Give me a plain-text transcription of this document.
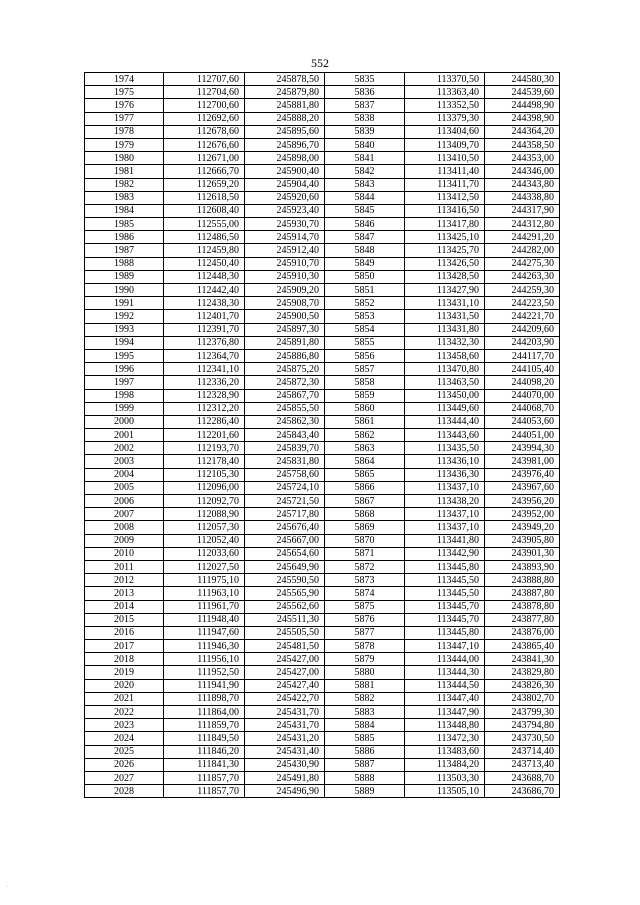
552
1974	112707,60	245878,50	5835	113370,50	244580,30
1975	112704,60	245879,80	5836	113363,40	244539,60
1976	112700,60	245881,80	5837	113352,50	244498,90
1977	112692,60	245888,20	5838	113379,30	244398,90
1978	112678,60	245895,60	5839	113404,60	244364,20
1979	112676,60	245896,70	5840	113409,70	244358,50
1980	112671,00	245898,00	5841	113410,50	244353,00
1981	112666,70	245900,40	5842	113411,40	244346,00
1982	112659,20	245904,40	5843	113411,70	244343,80
1983	112618,50	245920,60	5844	113412,50	244338,80
1984	112608,40	245923,40	5845	113416,50	244317,90
1985	112555,00	245930,70	5846	113417,80	244312,80
1986	112486,50	245914,70	5847	113425,10	244291,20
1987	112459,80	245912,40	5848	113425,70	244282,00
1988	112450,40	245910,70	5849	113426,50	244275,30
1989	112448,30	245910,30	5850	113428,50	244263,30
1990	112442,40	245909,20	5851	113427,90	244259,30
1991	112438,30	245908,70	5852	113431,10	244223,50
1992	112401,70	245900,50	5853	113431,50	244221,70
1993	112391,70	245897,30	5854	113431,80	244209,60
1994	112376,80	245891,80	5855	113432,30	244203,90
1995	112364,70	245886,80	5856	113458,60	244117,70
1996	112341,10	245875,20	5857	113470,80	244105,40
1997	112336,20	245872,30	5858	113463,50	244098,20
1998	112328,90	245867,70	5859	113450,00	244070,00
1999	112312,20	245855,50	5860	113449,60	244068,70
2000	112286,40	245862,30	5861	113444,40	244053,60
2001	112201,60	245843,40	5862	113443,60	244051,00
2002	112193,70	245839,70	5863	113435,50	243994,30
2003	112178,40	245831,80	5864	113436,10	243981,00
2004	112105,30	245758,60	5865	113436,30	243976,40
2005	112096,00	245724,10	5866	113437,10	243967,60
2006	112092,70	245721,50	5867	113438,20	243956,20
2007	112088,90	245717,80	5868	113437,10	243952,00
2008	112057,30	245676,40	5869	113437,10	243949,20
2009	112052,40	245667,00	5870	113441,80	243905,80
2010	112033,60	245654,60	5871	113442,90	243901,30
2011	112027,50	245649,90	5872	113445,80	243893,90
2012	111975,10	245590,50	5873	113445,50	243888,80
2013	111963,10	245565,90	5874	113445,50	243887,80
2014	111961,70	245562,60	5875	113445,70	243878,80
2015	111948,40	245511,30	5876	113445,70	243877,80
2016	111947,60	245505,50	5877	113445,80	243876,00
2017	111946,30	245481,50	5878	113447,10	243865,40
2018	111956,10	245427,00	5879	113444,00	243841,30
2019	111952,50	245427,00	5880	113444,30	243829,80
2020	111941,90	245427,40	5881	113444,50	243826,30
2021	111898,70	245422,70	5882	113447,40	243802,70
2022	111864,00	245431,70	5883	113447,90	243799,30
2023	111859,70	245431,70	5884	113448,80	243794,80
2024	111849,50	245431,20	5885	113472,30	243730,50
2025	111846,20	245431,40	5886	113483,60	243714,40
2026	111841,30	245430,90	5887	113484,20	243713,40
2027	111857,70	245491,80	5888	113503,30	243688,70
2028	111857,70	245496,90	5889	113505,10	243686,70
·
